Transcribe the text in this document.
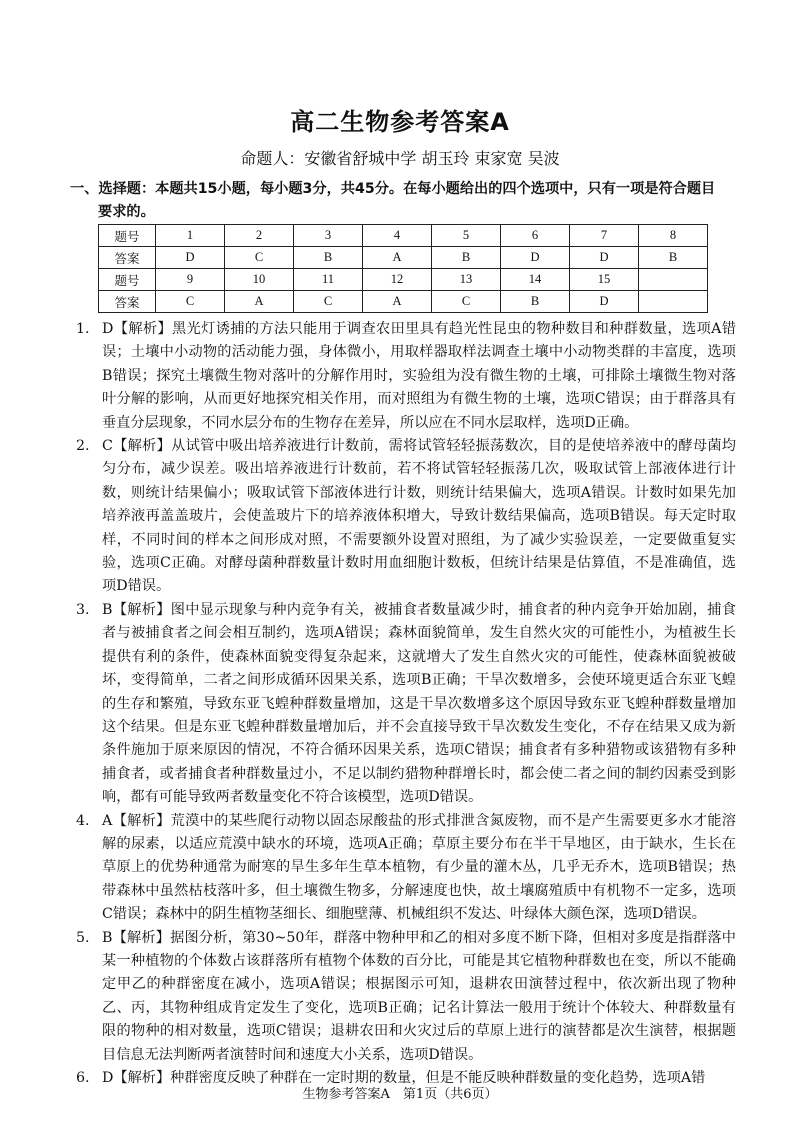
高二生物参考答案A
命题人：安徽省舒城中学 胡玉玲 束家宽 吴波
一、选择题：本题共15小题，每小题3分，共45分。在每小题给出的四个选项中，只有一项是符合题目
要求的。
题号	1	2	3	4	5	6	7	8
答案	D	C	B	A	B	D	D	B
题号	9	10	11	12	13	14	15	
答案	C	A	C	A	C	B	D	
1. D【解析】黑光灯诱捕的方法只能用于调查农田里具有趋光性昆虫的物种数目和种群数量，选项A错误；土壤中小动物的活动能力强，身体微小，用取样器取样法调查土壤中小动物类群的丰富度，选项B错误；探究土壤微生物对落叶的分解作用时，实验组为没有微生物的土壤，可排除土壤微生物对落叶分解的影响，从而更好地探究相关作用，而对照组为有微生物的土壤，选项C错误；由于群落具有垂直分层现象，不同水层分布的生物存在差异，所以应在不同水层取样，选项D正确。
2. C【解析】从试管中吸出培养液进行计数前，需将试管轻轻振荡数次，目的是使培养液中的酵母菌均匀分布，减少误差。吸出培养液进行计数前，若不将试管轻轻振荡几次，吸取试管上部液体进行计数，则统计结果偏小；吸取试管下部液体进行计数，则统计结果偏大，选项A错误。计数时如果先加培养液再盖盖玻片，会使盖玻片下的培养液体积增大，导致计数结果偏高，选项B错误。每天定时取样，不同时间的样本之间形成对照，不需要额外设置对照组，为了减少实验误差，一定要做重复实验，选项C正确。对酵母菌种群数量计数时用血细胞计数板，但统计结果是估算值，不是准确值，选项D错误。
3. B【解析】图中显示现象与种内竞争有关，被捕食者数量减少时，捕食者的种内竞争开始加剧，捕食者与被捕食者之间会相互制约，选项A错误；森林面貌简单，发生自然火灾的可能性小，为植被生长提供有利的条件，使森林面貌变得复杂起来，这就增大了发生自然火灾的可能性，使森林面貌被破坏，变得简单，二者之间形成循环因果关系，选项B正确；干旱次数增多，会使环境更适合东亚飞蝗的生存和繁殖，导致东亚飞蝗种群数量增加，这是干旱次数增多这个原因导致东亚飞蝗种群数量增加这个结果。但是东亚飞蝗种群数量增加后，并不会直接导致干旱次数发生变化，不存在结果又成为新条件施加于原来原因的情况，不符合循环因果关系，选项C错误；捕食者有多种猎物或该猎物有多种捕食者，或者捕食者种群数量过小，不足以制约猎物种群增长时，都会使二者之间的制约因素受到影响，都有可能导致两者数量变化不符合该模型，选项D错误。
4. A【解析】荒漠中的某些爬行动物以固态尿酸盐的形式排泄含氮废物，而不是产生需要更多水才能溶解的尿素，以适应荒漠中缺水的环境，选项A正确；草原主要分布在半干旱地区，由于缺水，生长在草原上的优势种通常为耐寒的旱生多年生草本植物，有少量的灌木丛，几乎无乔木，选项B错误；热带森林中虽然枯枝落叶多，但土壤微生物多，分解速度也快，故土壤腐殖质中有机物不一定多，选项C错误；森林中的阴生植物茎细长、细胞壁薄、机械组织不发达、叶绿体大颜色深，选项D错误。
5. B【解析】据图分析，第30~50年，群落中物种甲和乙的相对多度不断下降，但相对多度是指群落中某一种植物的个体数占该群落所有植物个体数的百分比，可能是其它植物种群数也在变，所以不能确定甲乙的种群密度在减小，选项A错误；根据图示可知，退耕农田演替过程中，依次新出现了物种乙、丙，其物种组成肯定发生了变化，选项B正确；记名计算法一般用于统计个体较大、种群数量有限的物种的相对数量，选项C错误；退耕农田和火灾过后的草原上进行的演替都是次生演替，根据题目信息无法判断两者演替时间和速度大小关系，选项D错误。
6. D【解析】种群密度反映了种群在一定时期的数量，但是不能反映种群数量的变化趋势，选项A错
生物参考答案A　第1页（共6页）
